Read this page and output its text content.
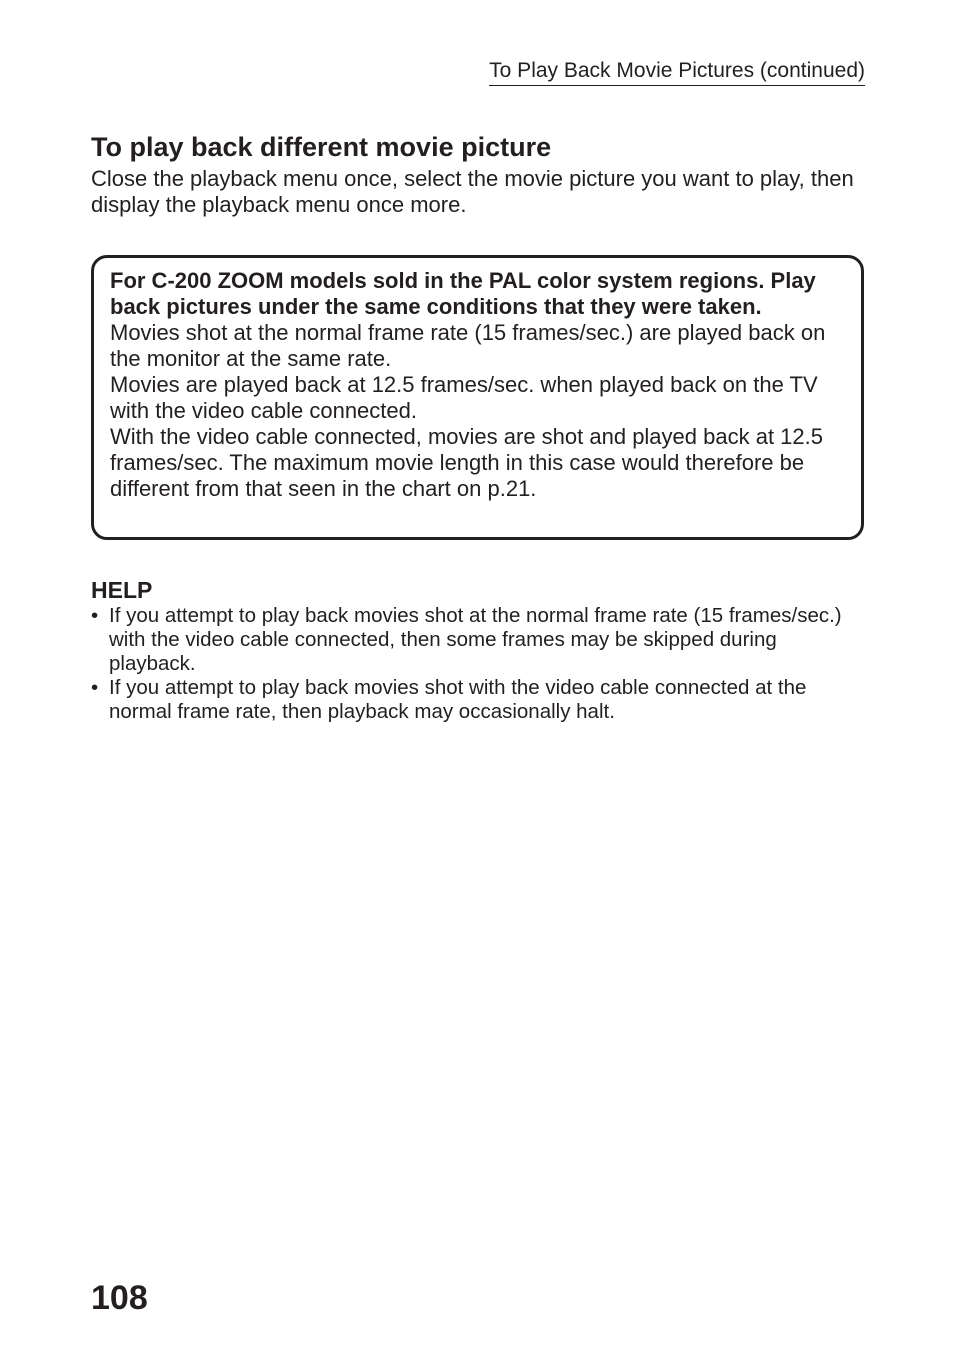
To Play Back Movie Pictures (continued)
To play back different movie picture

Close the playback menu once, select the movie picture you want to play, then display the playback menu once more.

For C-200 ZOOM models sold in the PAL color system regions. Play back pictures under the same conditions that they were taken.

Movies shot at the normal frame rate (15 frames/sec.) are played back on the monitor at the same rate.

Movies are played back at 12.5 frames/sec. when played back on the TV with the video cable connected.

With the video cable connected, movies are shot and played back at 12.5 frames/sec. The maximum movie length in this case would therefore be different from that seen in the chart on p.21.

HELP
• If you attempt to play back movies shot at the normal frame rate (15 frames/sec.) with the video cable connected, then some frames may be skipped during playback.
• If you attempt to play back movies shot with the video cable connected at the normal frame rate, then playback may occasionally halt.
108
